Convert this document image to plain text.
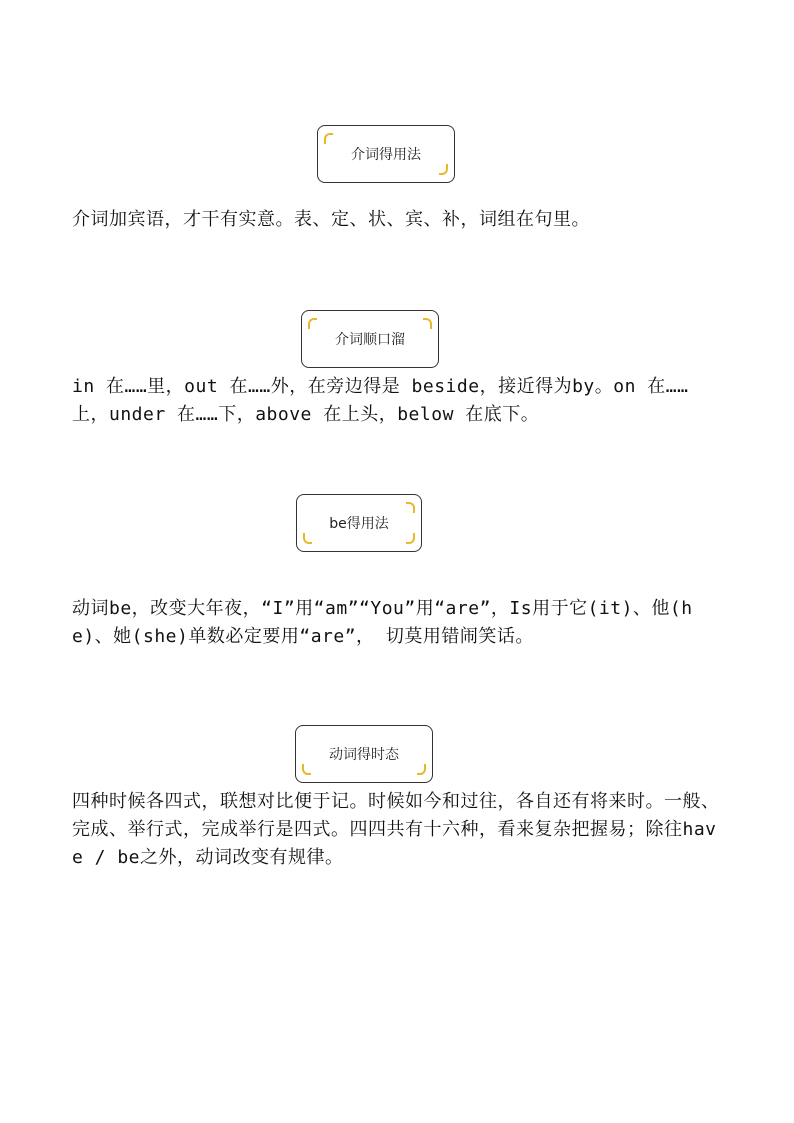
介词得用法

介词加宾语，才干有实意。表、定、状、宾、补，词组在句里。

介词顺口溜

in 在……里，out 在……外，在旁边得是 beside，接近得为by。on 在……上，under 在……下，above 在上头，below 在底下。

be得用法

动词be，改变大年夜，“I”用“am”“You”用“are”，Is用于它(it)、他(he)、她(she)单数必定要用“are”， 切莫用错闹笑话。

动词得时态

四种时候各四式，联想对比便于记。时候如今和过往，各自还有将来时。一般、完成、举行式，完成举行是四式。四四共有十六种，看来复杂把握易；除往have / be之外，动词改变有规律。
